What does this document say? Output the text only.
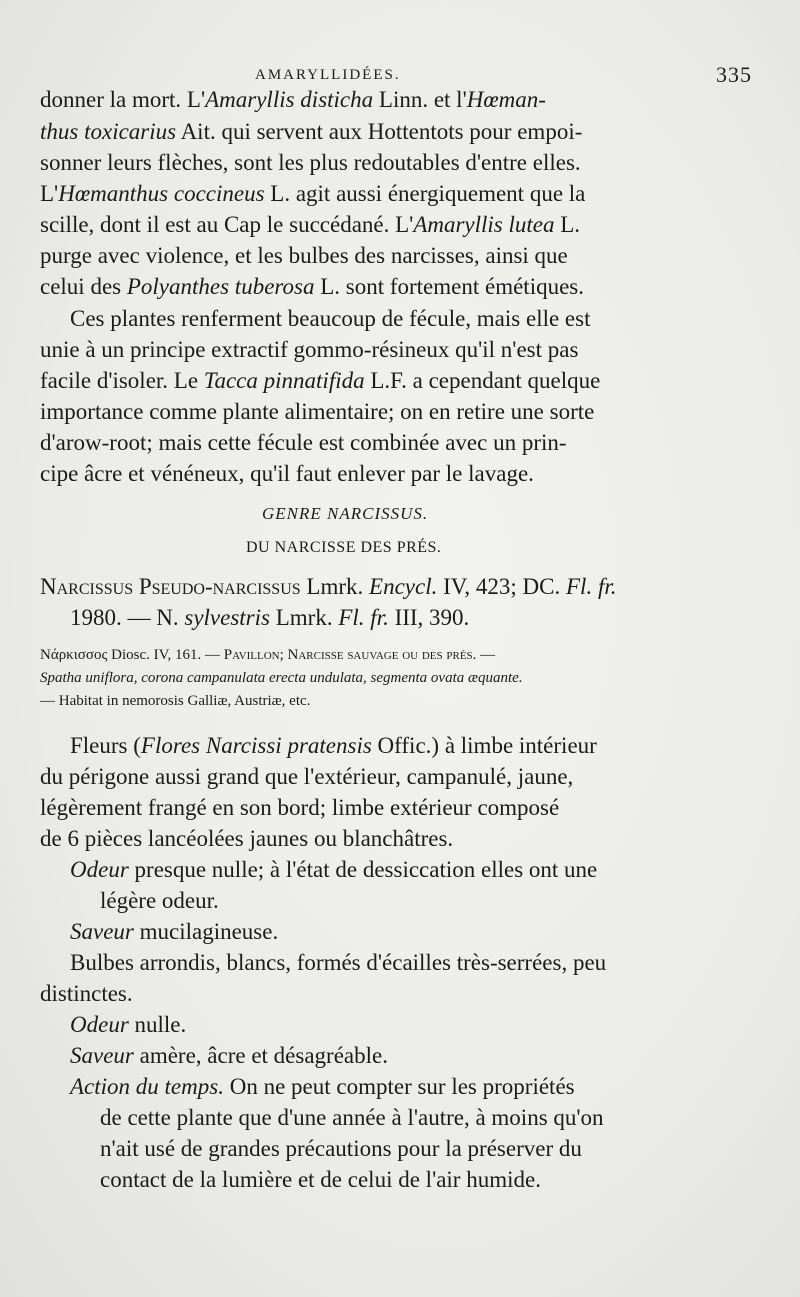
AMARYLLIDÉES.	335
donner la mort. L'Amaryllis disticha Linn. et l'Hœman-
thus toxicarius Ait. qui servent aux Hottentots pour empoi-
sonner leurs flèches, sont les plus redoutables d'entre elles.
L'Hœmanthus coccineus L. agit aussi énergiquement que la
scille, dont il est au Cap le succédané. L'Amaryllis lutea L.
purge avec violence, et les bulbes des narcisses, ainsi que
celui des Polyanthes tuberosa L. sont fortement émétiques.
Ces plantes renferment beaucoup de fécule, mais elle est
unie à un principe extractif gommo-résineux qu'il n'est pas
facile d'isoler. Le Tacca pinnatifida L.F. a cependant quelque
importance comme plante alimentaire; on en retire une sorte
d'arow-root; mais cette fécule est combinée avec un prin-
cipe âcre et vénéneux, qu'il faut enlever par le lavage.
GENRE NARCISSUS.
DU NARCISSE DES PRÉS.
Narcissus Pseudo-narcissus Lmrk. Encycl. IV, 423; DC. Fl. fr.
1980. — N. sylvestris Lmrk. Fl. fr. III, 390.
Νάρκισσος Diosc. IV, 161. — Pavillon; Narcisse sauvage ou des prés. —
Spatha uniflora, corona campanulata erecta undulata, segmenta ovata æquante.
— Habitat in nemorosis Galliæ, Austriæ, etc.
Fleurs (Flores Narcissi pratensis Offic.) à limbe intérieur
du périgone aussi grand que l'extérieur, campanulé, jaune,
légèrement frangé en son bord; limbe extérieur composé
de 6 pièces lancéolées jaunes ou blanchâtres.
Odeur presque nulle; à l'état de dessiccation elles ont une
légère odeur.
Saveur mucilagineuse.
Bulbes arrondis, blancs, formés d'écailles très-serrées, peu
distinctes.
Odeur nulle.
Saveur amère, âcre et désagréable.
Action du temps. On ne peut compter sur les propriétés
de cette plante que d'une année à l'autre, à moins qu'on
n'ait usé de grandes précautions pour la préserver du
contact de la lumière et de celui de l'air humide.
